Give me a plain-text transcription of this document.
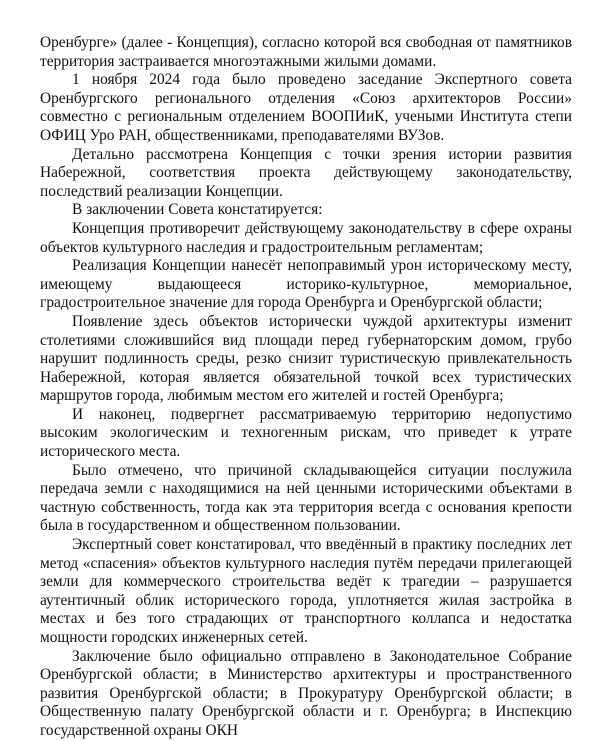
Оренбурге» (далее - Концепция), согласно которой вся свободная от памятников территория застраивается многоэтажными жилыми домами.

1 ноября 2024 года было проведено заседание Экспертного совета Оренбургского регионального отделения «Союз архитекторов России» совместно с региональным отделением ВООПИиК, учеными Института степи ОФИЦ Уро РАН, общественниками, преподавателями ВУЗов.

Детально рассмотрена Концепция с точки зрения истории развития Набережной, соответствия проекта действующему законодательству, последствий реализации Концепции.

В заключении Совета констатируется:

Концепция противоречит действующему законодательству в сфере охраны объектов культурного наследия и градостроительным регламентам;

Реализация Концепции нанесёт непоправимый урон историческому месту, имеющему выдающееся историко-культурное, мемориальное, градостроительное значение для города Оренбурга и Оренбургской области;

Появление здесь объектов исторически чуждой архитектуры изменит столетиями сложившийся вид площади перед губернаторским домом, грубо нарушит подлинность среды, резко снизит туристическую привлекательность Набережной, которая является обязательной точкой всех туристических маршрутов города, любимым местом его жителей и гостей Оренбурга;

И наконец, подвергнет рассматриваемую территорию недопустимо высоким экологическим и техногенным рискам, что приведет к утрате исторического места.

Было отмечено, что причиной складывающейся ситуации послужила передача земли с находящимися на ней ценными историческими объектами в частную собственность, тогда как эта территория всегда с основания крепости была в государственном и общественном пользовании.

Экспертный совет констатировал, что введённый в практику последних лет метод «спасения» объектов культурного наследия путём передачи прилегающей земли для коммерческого строительства ведёт к трагедии – разрушается аутентичный облик исторического города, уплотняется жилая застройка в местах и без того страдающих от транспортного коллапса и недостатка мощности городских инженерных сетей.

Заключение было официально отправлено в Законодательное Собрание Оренбургской области; в Министерство архитектуры и пространственного развития Оренбургской области; в Прокуратуру Оренбургской области; в Общественную палату Оренбургской области и г. Оренбурга; в Инспекцию государственной охраны ОКН
